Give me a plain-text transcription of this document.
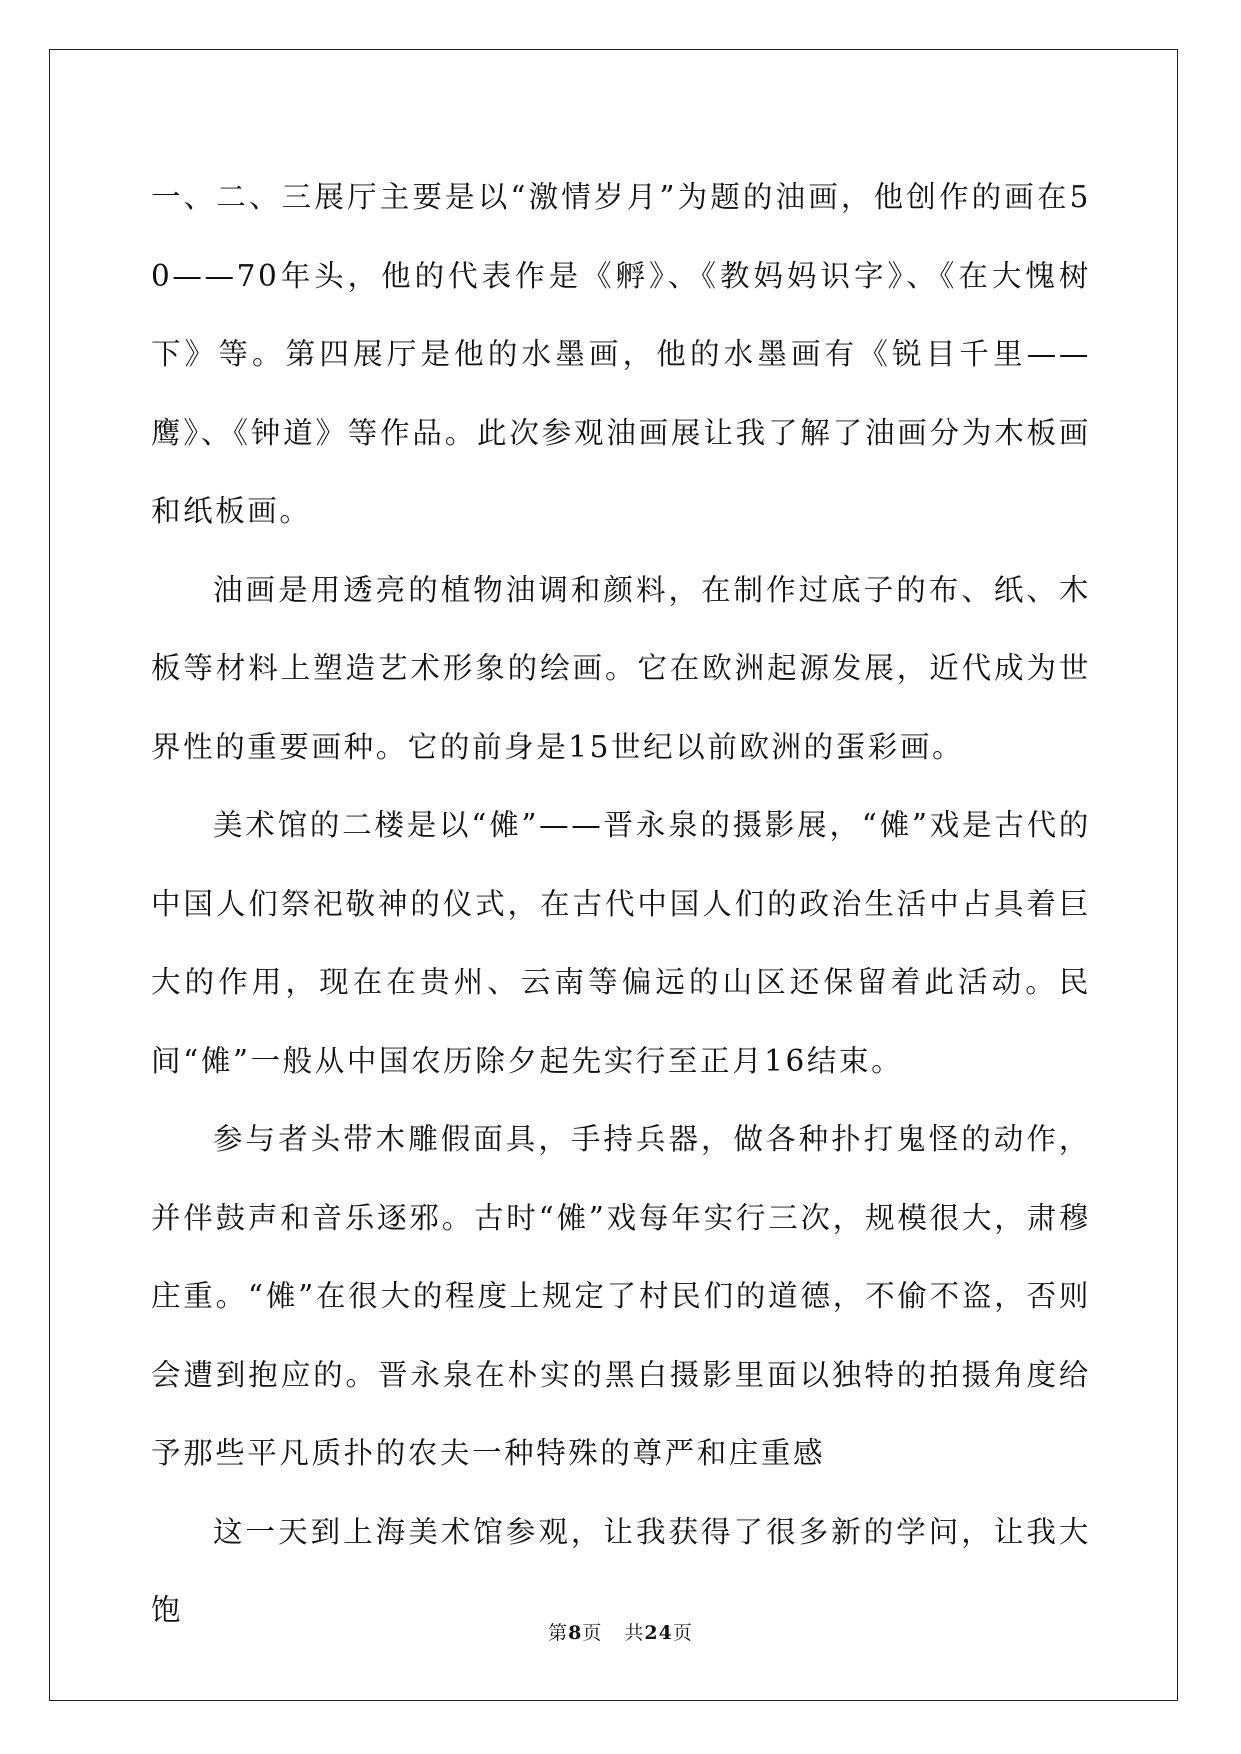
一、二、三展厅主要是以“激情岁月”为题的油画，他创作的画在50——70年头，他的代表作是《孵》、《教妈妈识字》、《在大愧树下》等。第四展厅是他的水墨画，他的水墨画有《锐目千里——鹰》、《钟道》等作品。此次参观油画展让我了解了油画分为木板画和纸板画。

油画是用透亮的植物油调和颜料，在制作过底子的布、纸、木板等材料上塑造艺术形象的绘画。它在欧洲起源发展，近代成为世界性的重要画种。它的前身是15世纪以前欧洲的蛋彩画。

美术馆的二楼是以“傩”——晋永泉的摄影展，“傩”戏是古代的中国人们祭祀敬神的仪式，在古代中国人们的政治生活中占具着巨大的作用，现在在贵州、云南等偏远的山区还保留着此活动。民间“傩”一般从中国农历除夕起先实行至正月16结束。

参与者头带木雕假面具，手持兵器，做各种扑打鬼怪的动作，并伴鼓声和音乐逐邪。古时“傩”戏每年实行三次，规模很大，肃穆庄重。“傩”在很大的程度上规定了村民们的道德，不偷不盗，否则会遭到抱应的。晋永泉在朴实的黑白摄影里面以独特的拍摄角度给予那些平凡质扑的农夫一种特殊的尊严和庄重感

这一天到上海美术馆参观，让我获得了很多新的学问，让我大饱

第8页 共24页
